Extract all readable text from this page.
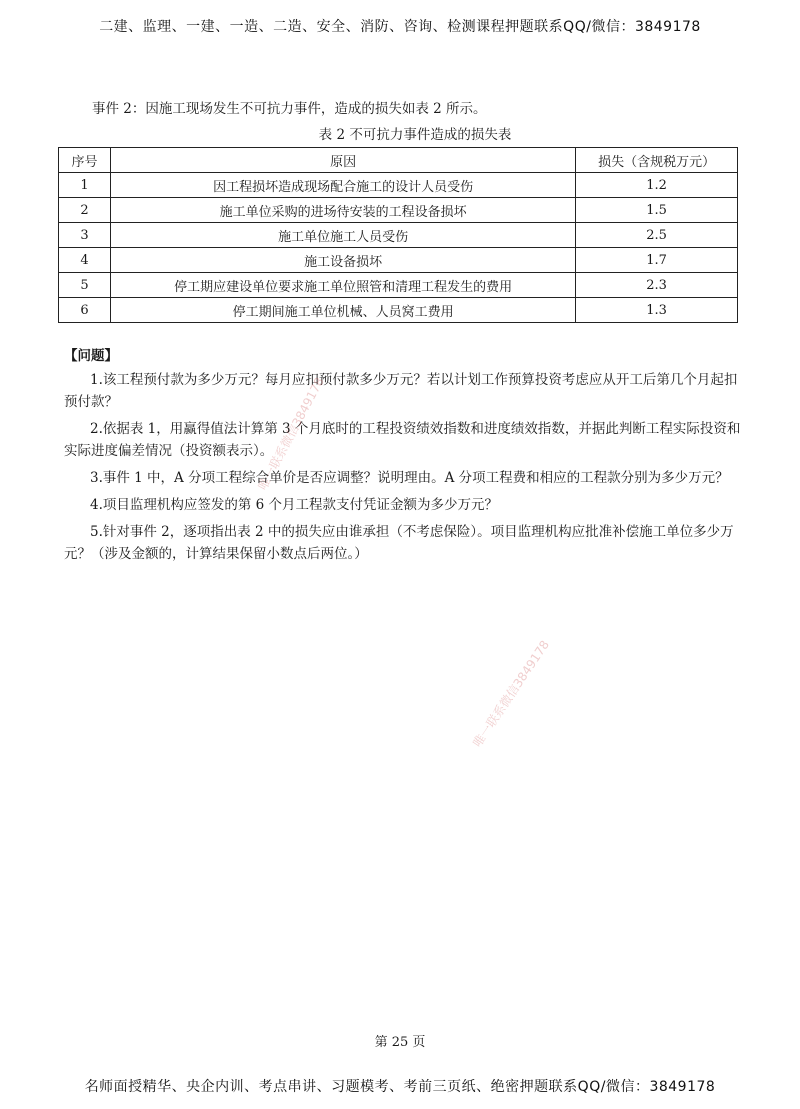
二建、监理、一建、一造、二造、安全、消防、咨询、检测课程押题联系QQ/微信：3849178
事件 2：因施工现场发生不可抗力事件，造成的损失如表 2 所示。
表 2 不可抗力事件造成的损失表
序号	原因	损失（含规税万元）
1	因工程损坏造成现场配合施工的设计人员受伤	1.2
2	施工单位采购的进场待安装的工程设备损坏	1.5
3	施工单位施工人员受伤	2.5
4	施工设备损坏	1.7
5	停工期应建设单位要求施工单位照管和清理工程发生的费用	2.3
6	停工期间施工单位机械、人员窝工费用	1.3

【问题】

1.该工程预付款为多少万元？每月应扣预付款多少万元？若以计划工作预算投资考虑应从开工后第几个月起扣预付款？

2.依据表 1，用赢得值法计算第 3 个月底时的工程投资绩效指数和进度绩效指数，并据此判断工程实际投资和实际进度偏差情况（投资额表示）。

3.事件 1 中，A 分项工程综合单价是否应调整？说明理由。A 分项工程费和相应的工程款分别为多少万元？

4.项目监理机构应签发的第 6 个月工程款支付凭证金额为多少万元？

5.针对事件 2，逐项指出表 2 中的损失应由谁承担（不考虑保险）。项目监理机构应批准补偿施工单位多少万元？（涉及金额的，计算结果保留小数点后两位。）

唯一联系微信3849178
唯一联系微信3849178
第 25 页
名师面授精华、央企内训、考点串讲、习题模考、考前三页纸、绝密押题联系QQ/微信：3849178
